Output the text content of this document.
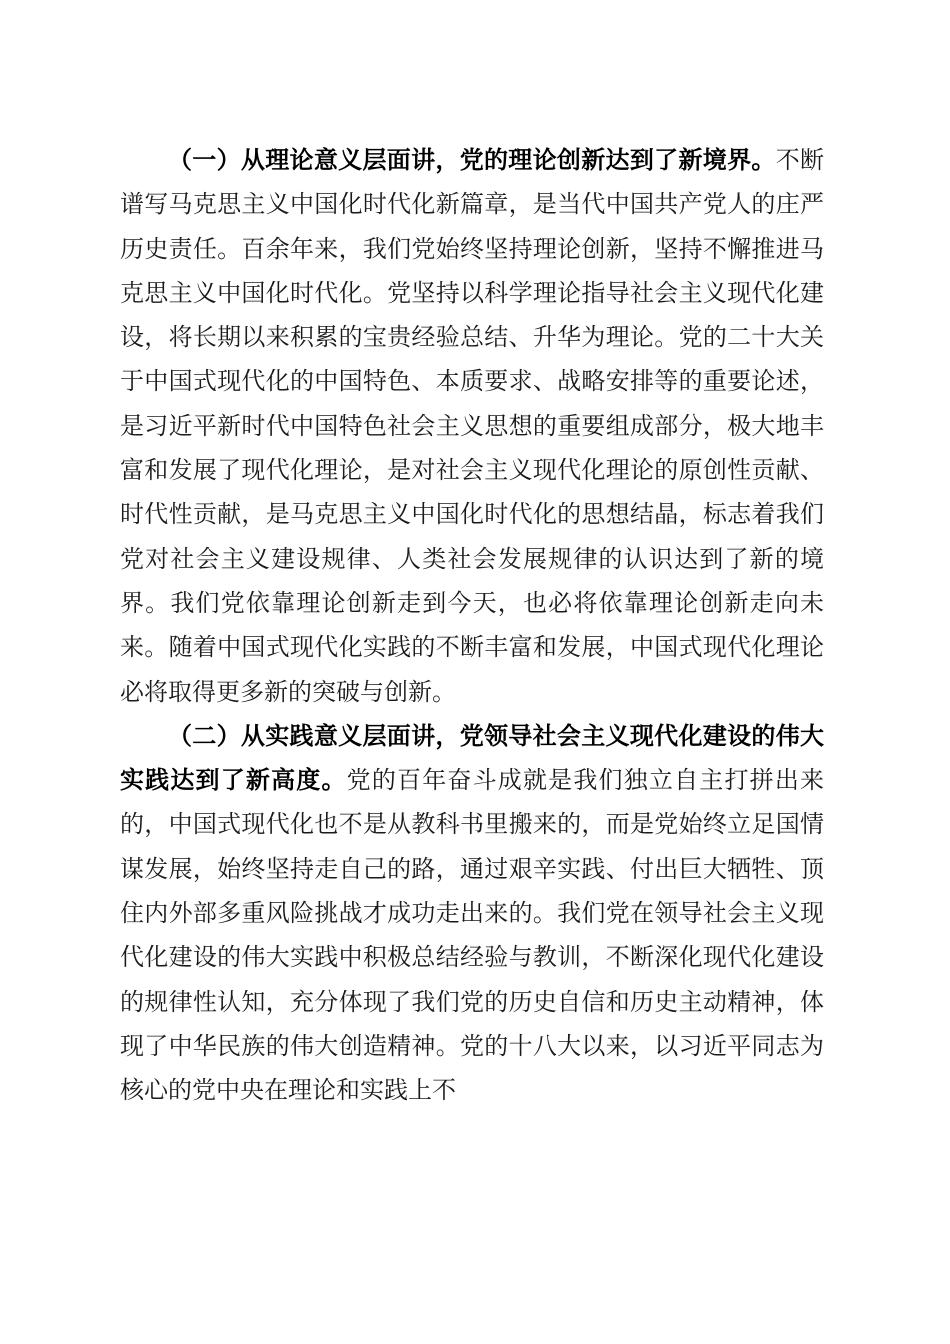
（一）从理论意义层面讲，党的理论创新达到了新境界。不断谱写马克思主义中国化时代化新篇章，是当代中国共产党人的庄严历史责任。百余年来，我们党始终坚持理论创新，坚持不懈推进马克思主义中国化时代化。党坚持以科学理论指导社会主义现代化建设，将长期以来积累的宝贵经验总结、升华为理论。党的二十大关于中国式现代化的中国特色、本质要求、战略安排等的重要论述，是习近平新时代中国特色社会主义思想的重要组成部分，极大地丰富和发展了现代化理论，是对社会主义现代化理论的原创性贡献、时代性贡献，是马克思主义中国化时代化的思想结晶，标志着我们党对社会主义建设规律、人类社会发展规律的认识达到了新的境界。我们党依靠理论创新走到今天，也必将依靠理论创新走向未来。随着中国式现代化实践的不断丰富和发展，中国式现代化理论必将取得更多新的突破与创新。

（二）从实践意义层面讲，党领导社会主义现代化建设的伟大实践达到了新高度。党的百年奋斗成就是我们独立自主打拼出来的，中国式现代化也不是从教科书里搬来的，而是党始终立足国情谋发展，始终坚持走自己的路，通过艰辛实践、付出巨大牺牲、顶住内外部多重风险挑战才成功走出来的。我们党在领导社会主义现代化建设的伟大实践中积极总结经验与教训，不断深化现代化建设的规律性认知，充分体现了我们党的历史自信和历史主动精神，体现了中华民族的伟大创造精神。党的十八大以来，以习近平同志为核心的党中央在理论和实践上不
